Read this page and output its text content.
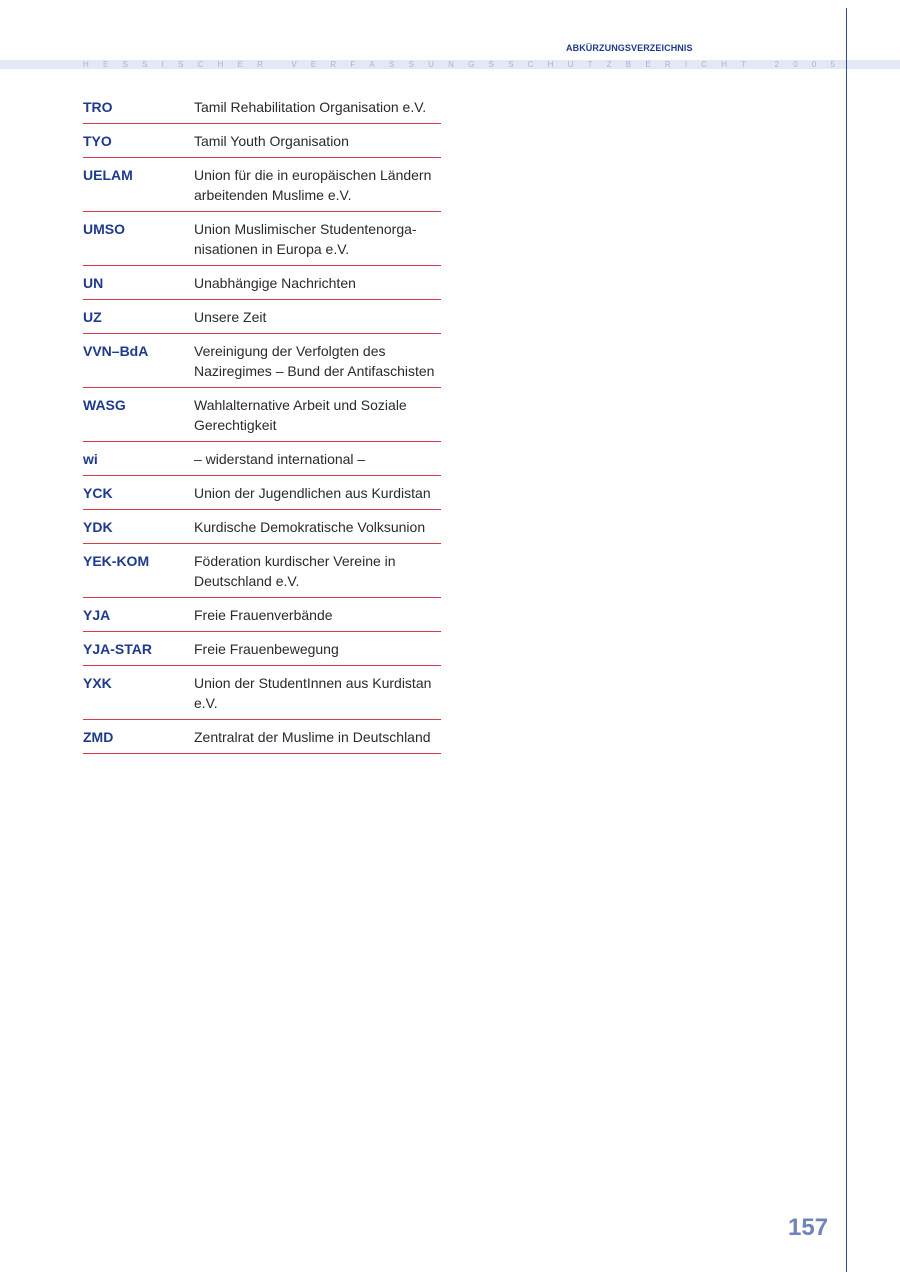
ABKÜRZUNGSVERZEICHNIS
H E S S I S C H E R	V E R F A S S U N G S S C H U T Z B E R I C H T	2 0 0 5
TRO	Tamil Rehabilitation Organisation e.V.
TYO	Tamil Youth Organisation
UELAM	Union für die in europäischen Ländern arbeitenden Muslime e.V.
UMSO	Union Muslimischer Studentenorga-nisationen in Europa e.V.
UN	Unabhängige Nachrichten
UZ	Unsere Zeit
VVN–BdA	Vereinigung der Verfolgten des Naziregimes – Bund der Antifaschisten
WASG	Wahlalternative Arbeit und Soziale Gerechtigkeit
wi	– widerstand international –
YCK	Union der Jugendlichen aus Kurdistan
YDK	Kurdische Demokratische Volksunion
YEK-KOM	Föderation kurdischer Vereine in Deutschland e.V.
YJA	Freie Frauenverbände
YJA-STAR	Freie Frauenbewegung
YXK	Union der StudentInnen aus Kurdistan e.V.
ZMD	Zentralrat der Muslime in Deutschland
157
